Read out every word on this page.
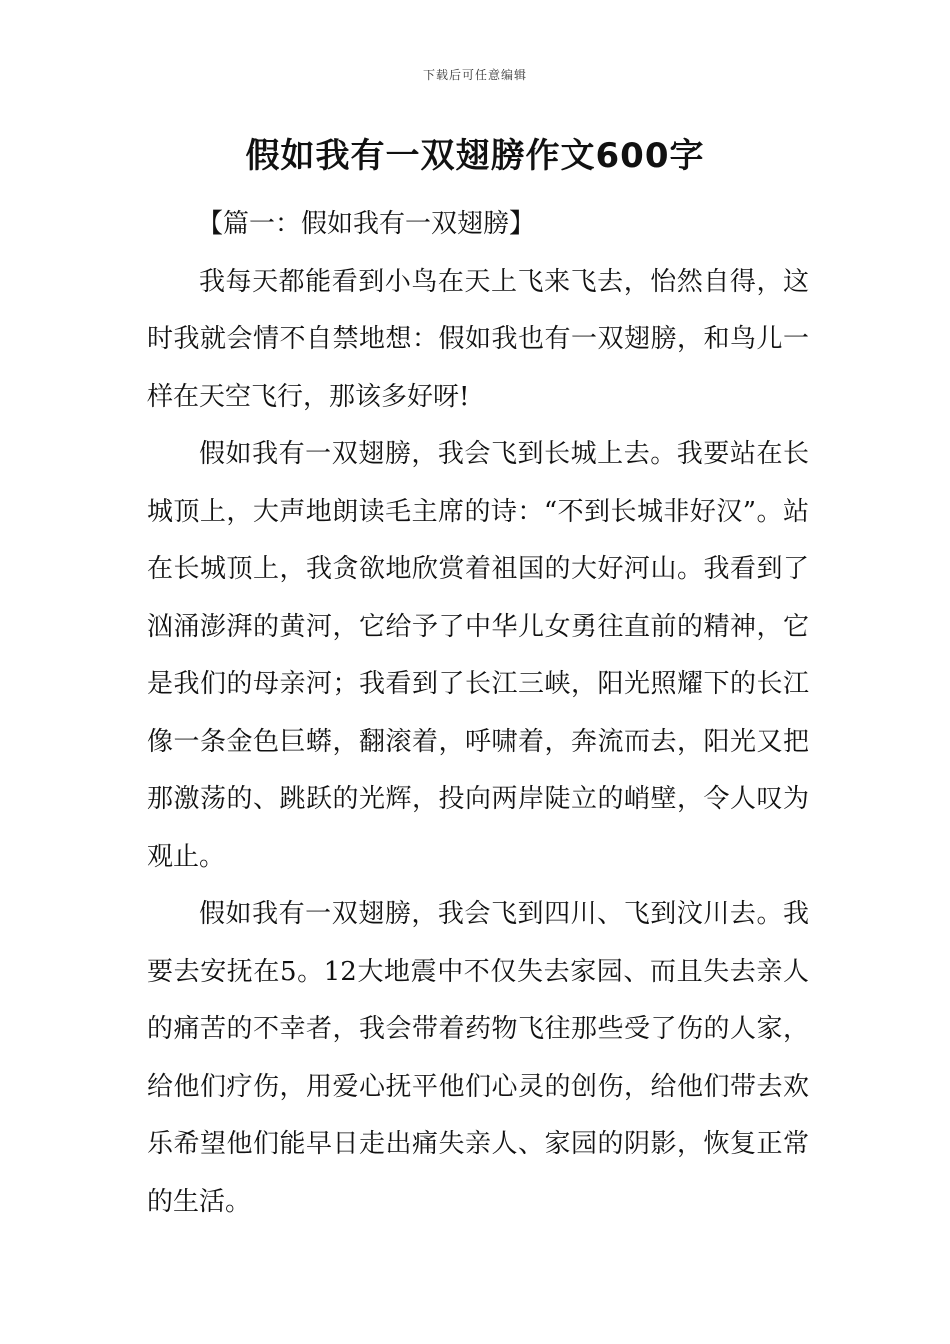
下载后可任意编辑
假如我有一双翅膀作文600字

【篇一：假如我有一双翅膀】

我每天都能看到小鸟在天上飞来飞去，怡然自得，这时我就会情不自禁地想：假如我也有一双翅膀，和鸟儿一样在天空飞行，那该多好呀!

假如我有一双翅膀，我会飞到长城上去。我要站在长城顶上，大声地朗读毛主席的诗：“不到长城非好汉”。站在长城顶上，我贪欲地欣赏着祖国的大好河山。我看到了汹涌澎湃的黄河，它给予了中华儿女勇往直前的精神，它是我们的母亲河；我看到了长江三峡，阳光照耀下的长江像一条金色巨蟒，翻滚着，呼啸着，奔流而去，阳光又把那激荡的、跳跃的光辉，投向两岸陡立的峭壁，令人叹为观止。

假如我有一双翅膀，我会飞到四川、飞到汶川去。我要去安抚在5。12大地震中不仅失去家园、而且失去亲人的痛苦的不幸者，我会带着药物飞往那些受了伤的人家，给他们疗伤，用爱心抚平他们心灵的创伤，给他们带去欢乐希望他们能早日走出痛失亲人、家园的阴影，恢复正常的生活。
